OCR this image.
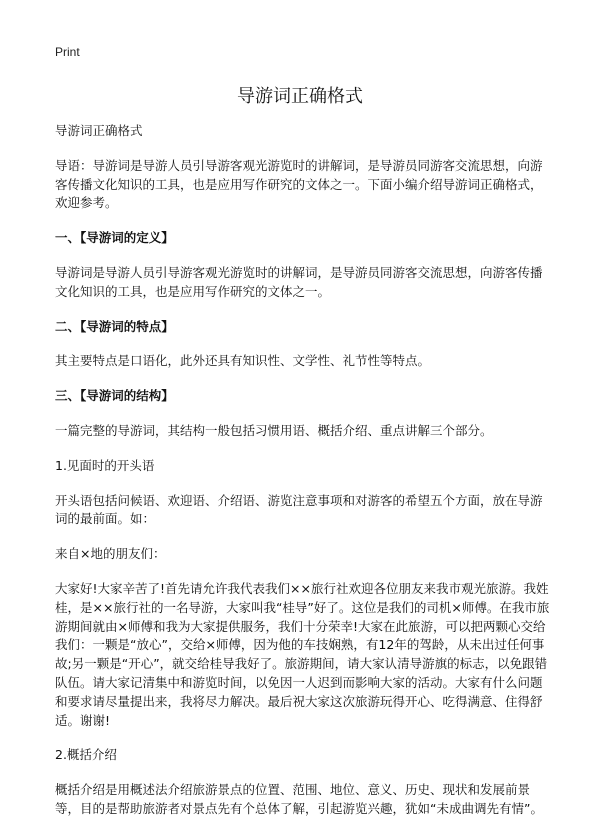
Print
导游词正确格式

导游词正确格式

导语：导游词是导游人员引导游客观光游览时的讲解词，是导游员同游客交流思想，向游客传播文化知识的工具，也是应用写作研究的文体之一。下面小编介绍导游词正确格式，欢迎参考。

一、【导游词的定义】

导游词是导游人员引导游客观光游览时的讲解词，是导游员同游客交流思想，向游客传播文化知识的工具，也是应用写作研究的文体之一。

二、【导游词的特点】

其主要特点是口语化，此外还具有知识性、文学性、礼节性等特点。

三、【导游词的结构】

一篇完整的导游词，其结构一般包括习惯用语、概括介绍、重点讲解三个部分。

1.见面时的开头语

开头语包括问候语、欢迎语、介绍语、游览注意事项和对游客的希望五个方面，放在导游词的最前面。如：

来自×地的朋友们：

大家好!大家辛苦了!首先请允许我代表我们××旅行社欢迎各位朋友来我市观光旅游。我姓桂，是××旅行社的一名导游，大家叫我“桂导”好了。这位是我们的司机×师傅。在我市旅游期间就由×师傅和我为大家提供服务，我们十分荣幸!大家在此旅游，可以把两颗心交给我们：一颗是“放心”，交给×师傅，因为他的车技娴熟，有12年的驾龄，从未出过任何事故;另一颗是“开心”，就交给桂导我好了。旅游期间，请大家认清导游旗的标志，以免跟错队伍。请大家记清集中和游览时间，以免因一人迟到而影响大家的活动。大家有什么问题和要求请尽量提出来，我将尽力解决。最后祝大家这次旅游玩得开心、吃得满意、住得舒适。谢谢!

2.概括介绍

概括介绍是用概述法介绍旅游景点的位置、范围、地位、意义、历史、现状和发展前景等，目的是帮助旅游者对景点先有个总体了解，引起游览兴趣，犹如“未成曲调先有情”。
